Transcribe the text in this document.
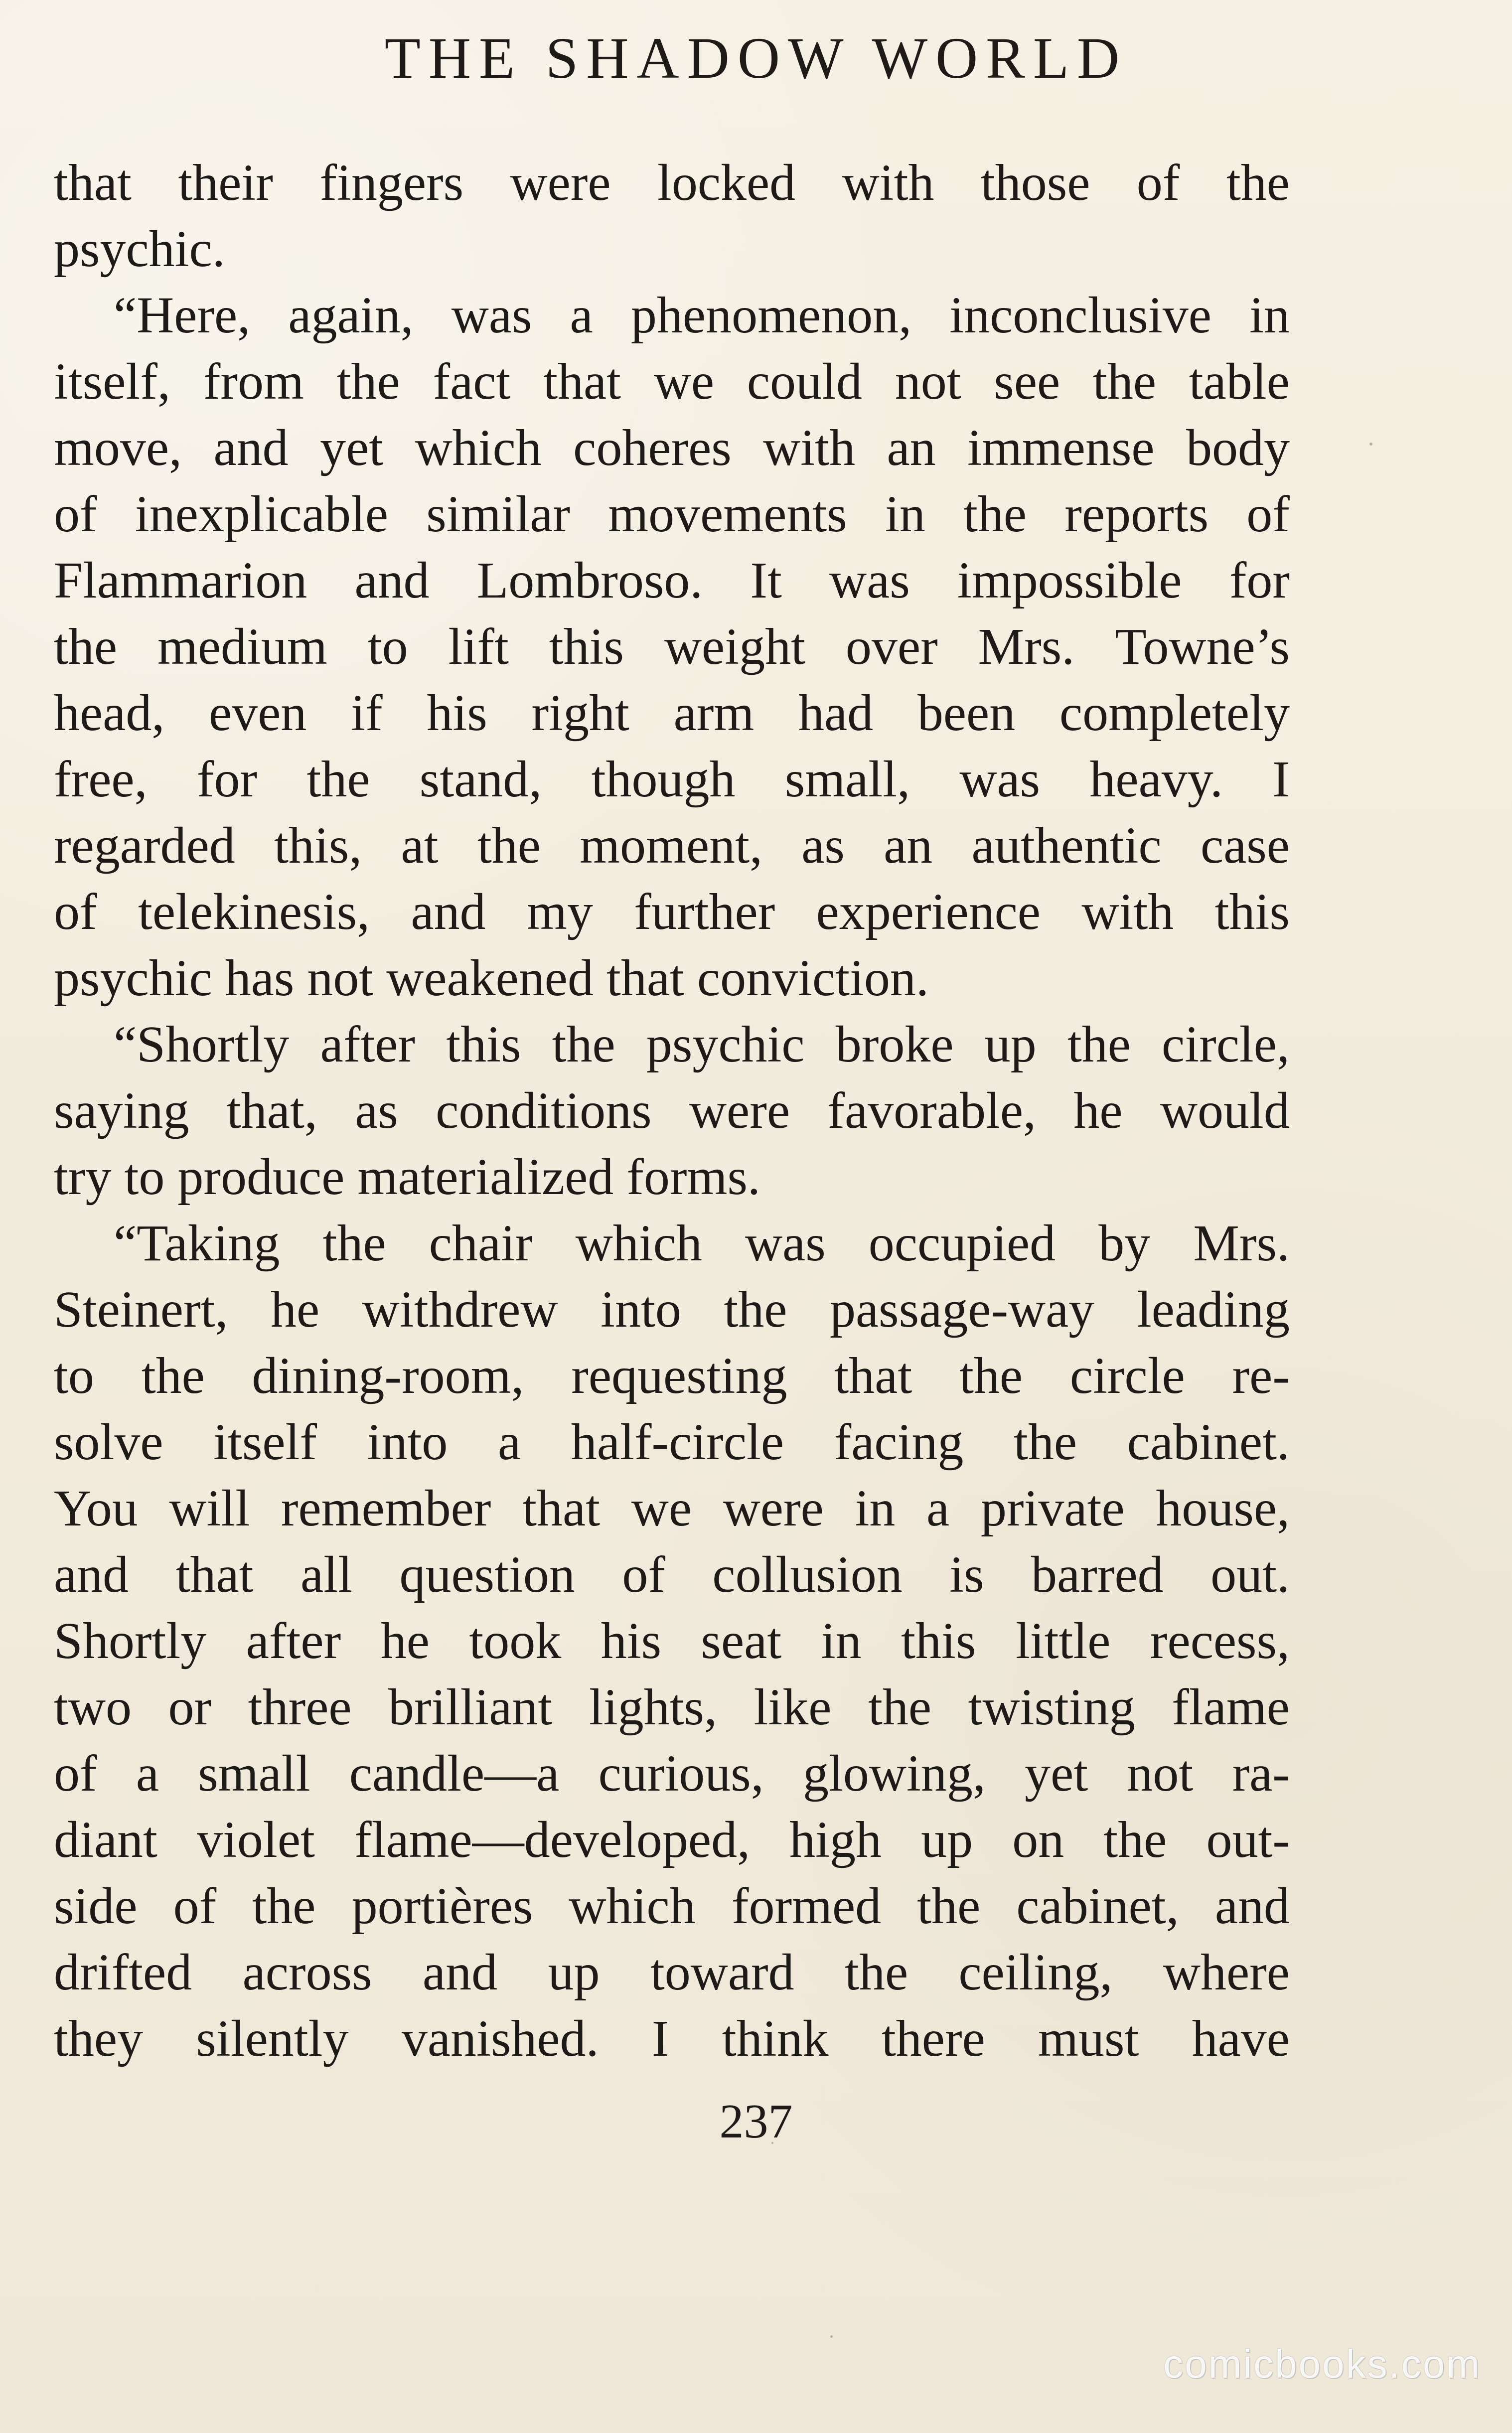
THE SHADOW WORLD
that their fingers were locked with those of the
psychic.
“Here, again, was a phenomenon, inconclusive in
itself, from the fact that we could not see the table
move, and yet which coheres with an immense body
of inexplicable similar movements in the reports of
Flammarion and Lombroso. It was impossible for
the medium to lift this weight over Mrs. Towne’s
head, even if his right arm had been completely
free, for the stand, though small, was heavy. I
regarded this, at the moment, as an authentic case
of telekinesis, and my further experience with this
psychic has not weakened that conviction.
“Shortly after this the psychic broke up the circle,
saying that, as conditions were favorable, he would
try to produce materialized forms.
“Taking the chair which was occupied by Mrs.
Steinert, he withdrew into the passage-way leading
to the dining-room, requesting that the circle re-
solve itself into a half-circle facing the cabinet.
You will remember that we were in a private house,
and that all question of collusion is barred out.
Shortly after he took his seat in this little recess,
two or three brilliant lights, like the twisting flame
of a small candle—a curious, glowing, yet not ra-
diant violet flame—developed, high up on the out-
side of the portières which formed the cabinet, and
drifted across and up toward the ceiling, where
they silently vanished. I think there must have
237
comicbooks.com
